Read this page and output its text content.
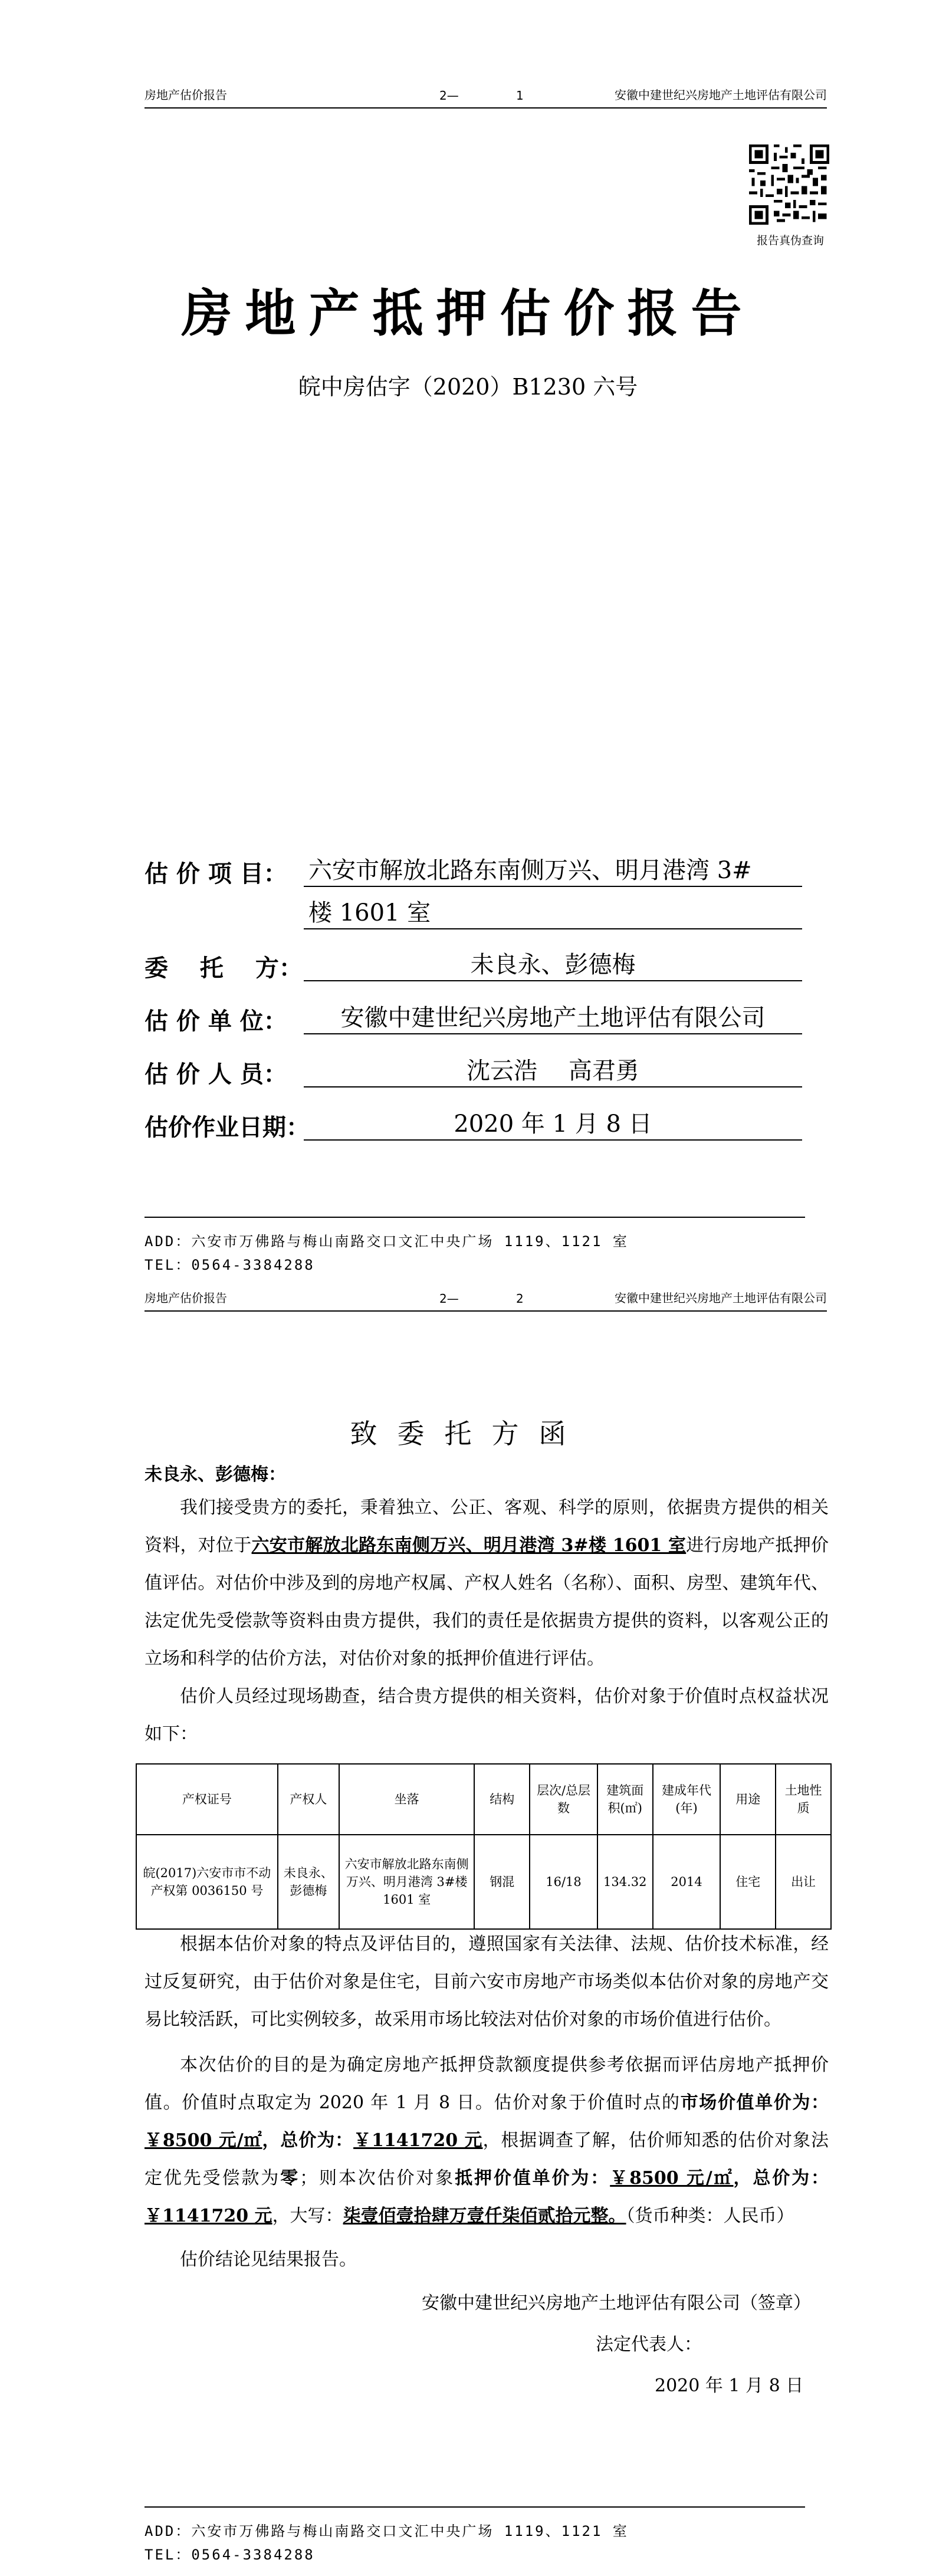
房地产估价报告	2—	1	安徽中建世纪兴房地产土地评估有限公司
报告真伪查询
房地产抵押估价报告
皖中房估字（2020）B1230 六号
估 价 项 目： 六安市解放北路东南侧万兴、明月港湾 3#
楼 1601 室
委　 托　 方：	未良永、彭德梅
估 价 单 位：	安徽中建世纪兴房地产土地评估有限公司
估 价 人 员：	沈云浩　 高君勇
估价作业日期：	2020 年 1 月 8 日
ADD：六安市万佛路与梅山南路交口文汇中央广场 1119、1121 室
TEL：0564-3384288
房地产估价报告	2—	2	安徽中建世纪兴房地产土地评估有限公司
致委托方函
未良永、彭德梅：

我们接受贵方的委托，秉着独立、公正、客观、科学的原则，依据贵方提供的相关资料，对位于六安市解放北路东南侧万兴、明月港湾 3#楼 1601 室进行房地产抵押价值评估。对估价中涉及到的房地产权属、产权人姓名（名称）、面积、房型、建筑年代、法定优先受偿款等资料由贵方提供，我们的责任是依据贵方提供的资料，以客观公正的立场和科学的估价方法，对估价对象的抵押价值进行评估。

估价人员经过现场勘查，结合贵方提供的相关资料，估价对象于价值时点权益状况如下：

产权证号	产权人	坐落	结构	层次/总层数	建筑面积(㎡)	建成年代(年)	用途	土地性质
皖(2017)六安市市不动产权第 0036150 号	未良永、彭德梅	六安市解放北路东南侧万兴、明月港湾 3#楼 1601 室	钢混	16/18	134.32	2014	住宅	出让

根据本估价对象的特点及评估目的，遵照国家有关法律、法规、估价技术标准，经过反复研究，由于估价对象是住宅，目前六安市房地产市场类似本估价对象的房地产交易比较活跃，可比实例较多，故采用市场比较法对估价对象的市场价值进行估价。

本次估价的目的是为确定房地产抵押贷款额度提供参考依据而评估房地产抵押价值。价值时点取定为 2020 年 1 月 8 日。估价对象于价值时点的市场价值单价为：￥8500 元/㎡，总价为：￥1141720 元，根据调查了解，估价师知悉的估价对象法定优先受偿款为零；则本次估价对象抵押价值单价为：￥8500 元/㎡，总价为：￥1141720 元，大写：柒壹佰壹拾肆万壹仟柒佰贰拾元整。（货币种类：人民币）

估价结论见结果报告。

安徽中建世纪兴房地产土地评估有限公司（签章）
法定代表人：
2020 年 1 月 8 日
ADD：六安市万佛路与梅山南路交口文汇中央广场 1119、1121 室
TEL：0564-3384288
